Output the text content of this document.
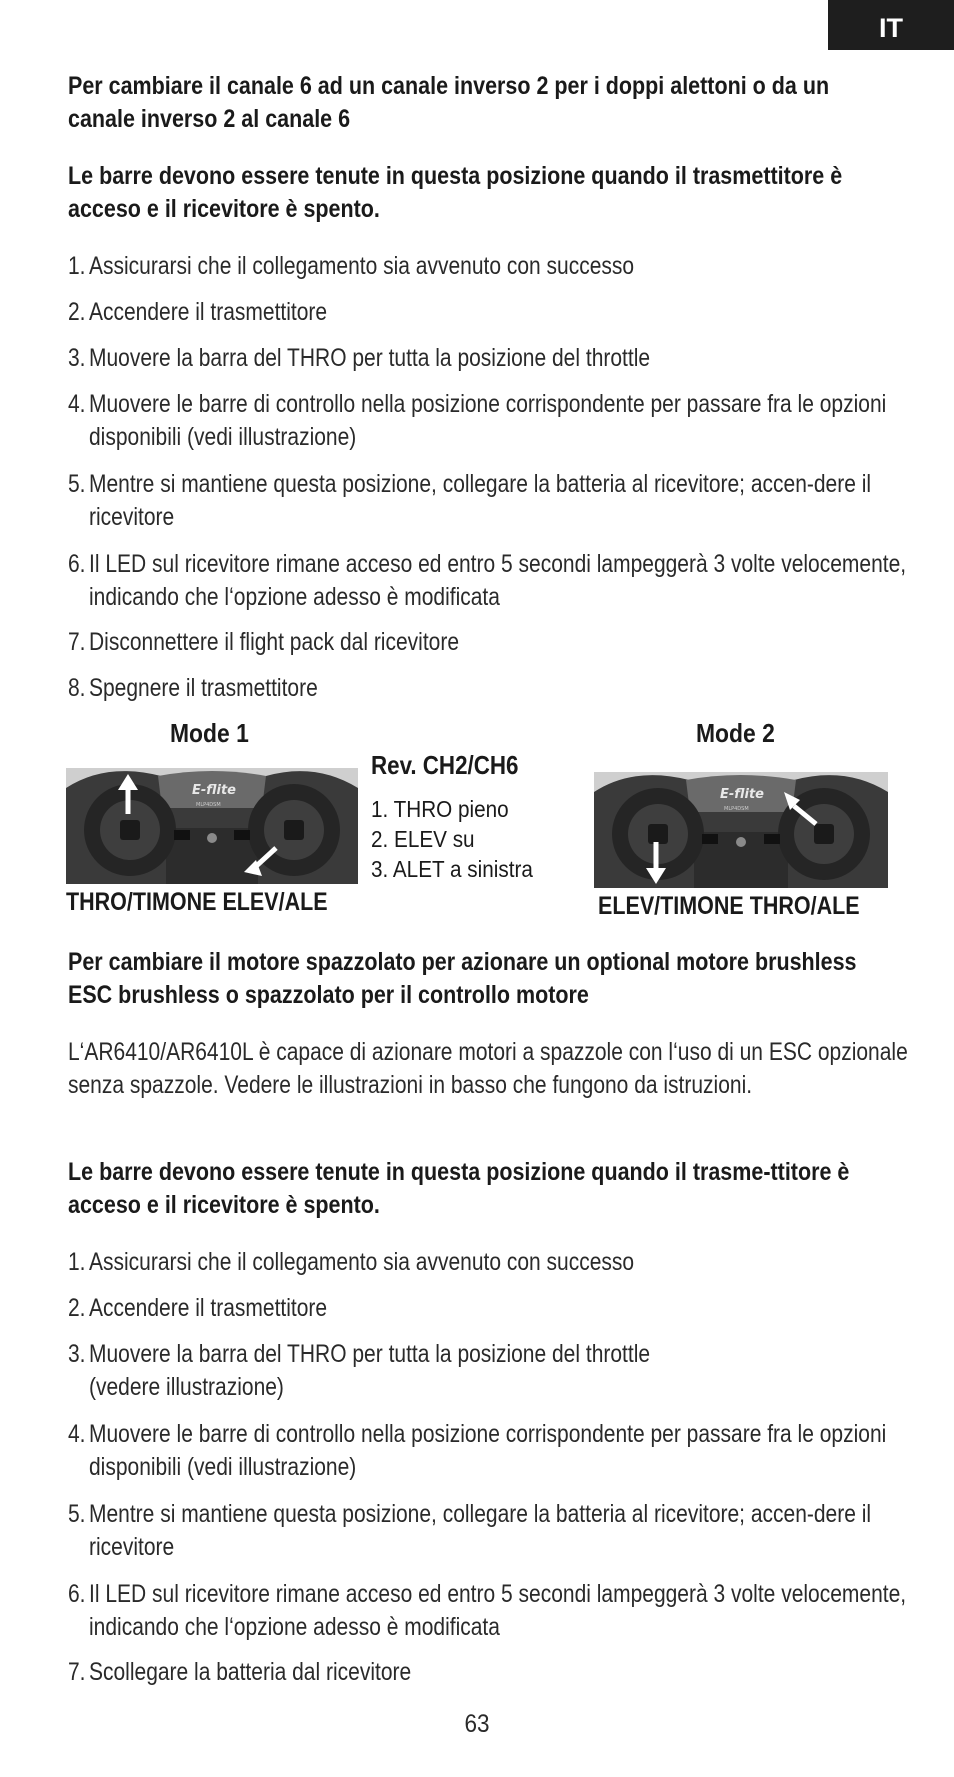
IT
Per cambiare il canale 6 ad un canale inverso 2 per i doppi alettoni o da un canale inverso 2 al canale 6
Le barre devono essere tenute in questa posizione quando il trasmettitore è acceso e il ricevitore è spento.
1. Assicurarsi che il collegamento sia avvenuto con successo
2. Accendere il trasmettitore
3. Muovere la barra del THRO per tutta la posizione del throttle
4. Muovere le barre di controllo nella posizione corrispondente per passare fra le opzioni disponibili (vedi illustrazione)
5. Mentre si mantiene questa posizione, collegare la batteria al ricevitore; accen-dere il ricevitore
6. Il LED sul ricevitore rimane acceso ed entro 5 secondi lampeggerà 3 volte velocemente, indicando che l‘opzione adesso è modificata
7. Disconnettere il flight pack dal ricevitore
8. Spegnere il trasmettitore
Mode 1	Mode 2
E-flite
MLP4DSM
THRO/TIMONE ELEV/ALE
Rev. CH2/CH6
1. THRO pieno
2. ELEV su
3. ALET a sinistra
E-flite
MLP4DSM
ELEV/TIMONE THRO/ALE
Per cambiare il motore spazzolato per azionare un optional motore brushless ESC brushless o spazzolato per il controllo motore

L‘AR6410/AR6410L è capace di azionare motori a spazzole con l‘uso di un ESC opzionale senza spazzole. Vedere le illustrazioni in basso che fungono da istruzioni.

Le barre devono essere tenute in questa posizione quando il trasme-ttitore è acceso e il ricevitore è spento.
1. Assicurarsi che il collegamento sia avvenuto con successo
2. Accendere il trasmettitore
3. Muovere la barra del THRO per tutta la posizione del throttle (vedere illustrazione)
4. Muovere le barre di controllo nella posizione corrispondente per passare fra le opzioni disponibili (vedi illustrazione)
5. Mentre si mantiene questa posizione, collegare la batteria al ricevitore; accen-dere il ricevitore
6. Il LED sul ricevitore rimane acceso ed entro 5 secondi lampeggerà 3 volte velocemente, indicando che l‘opzione adesso è modificata
7. Scollegare la batteria dal ricevitore
63
